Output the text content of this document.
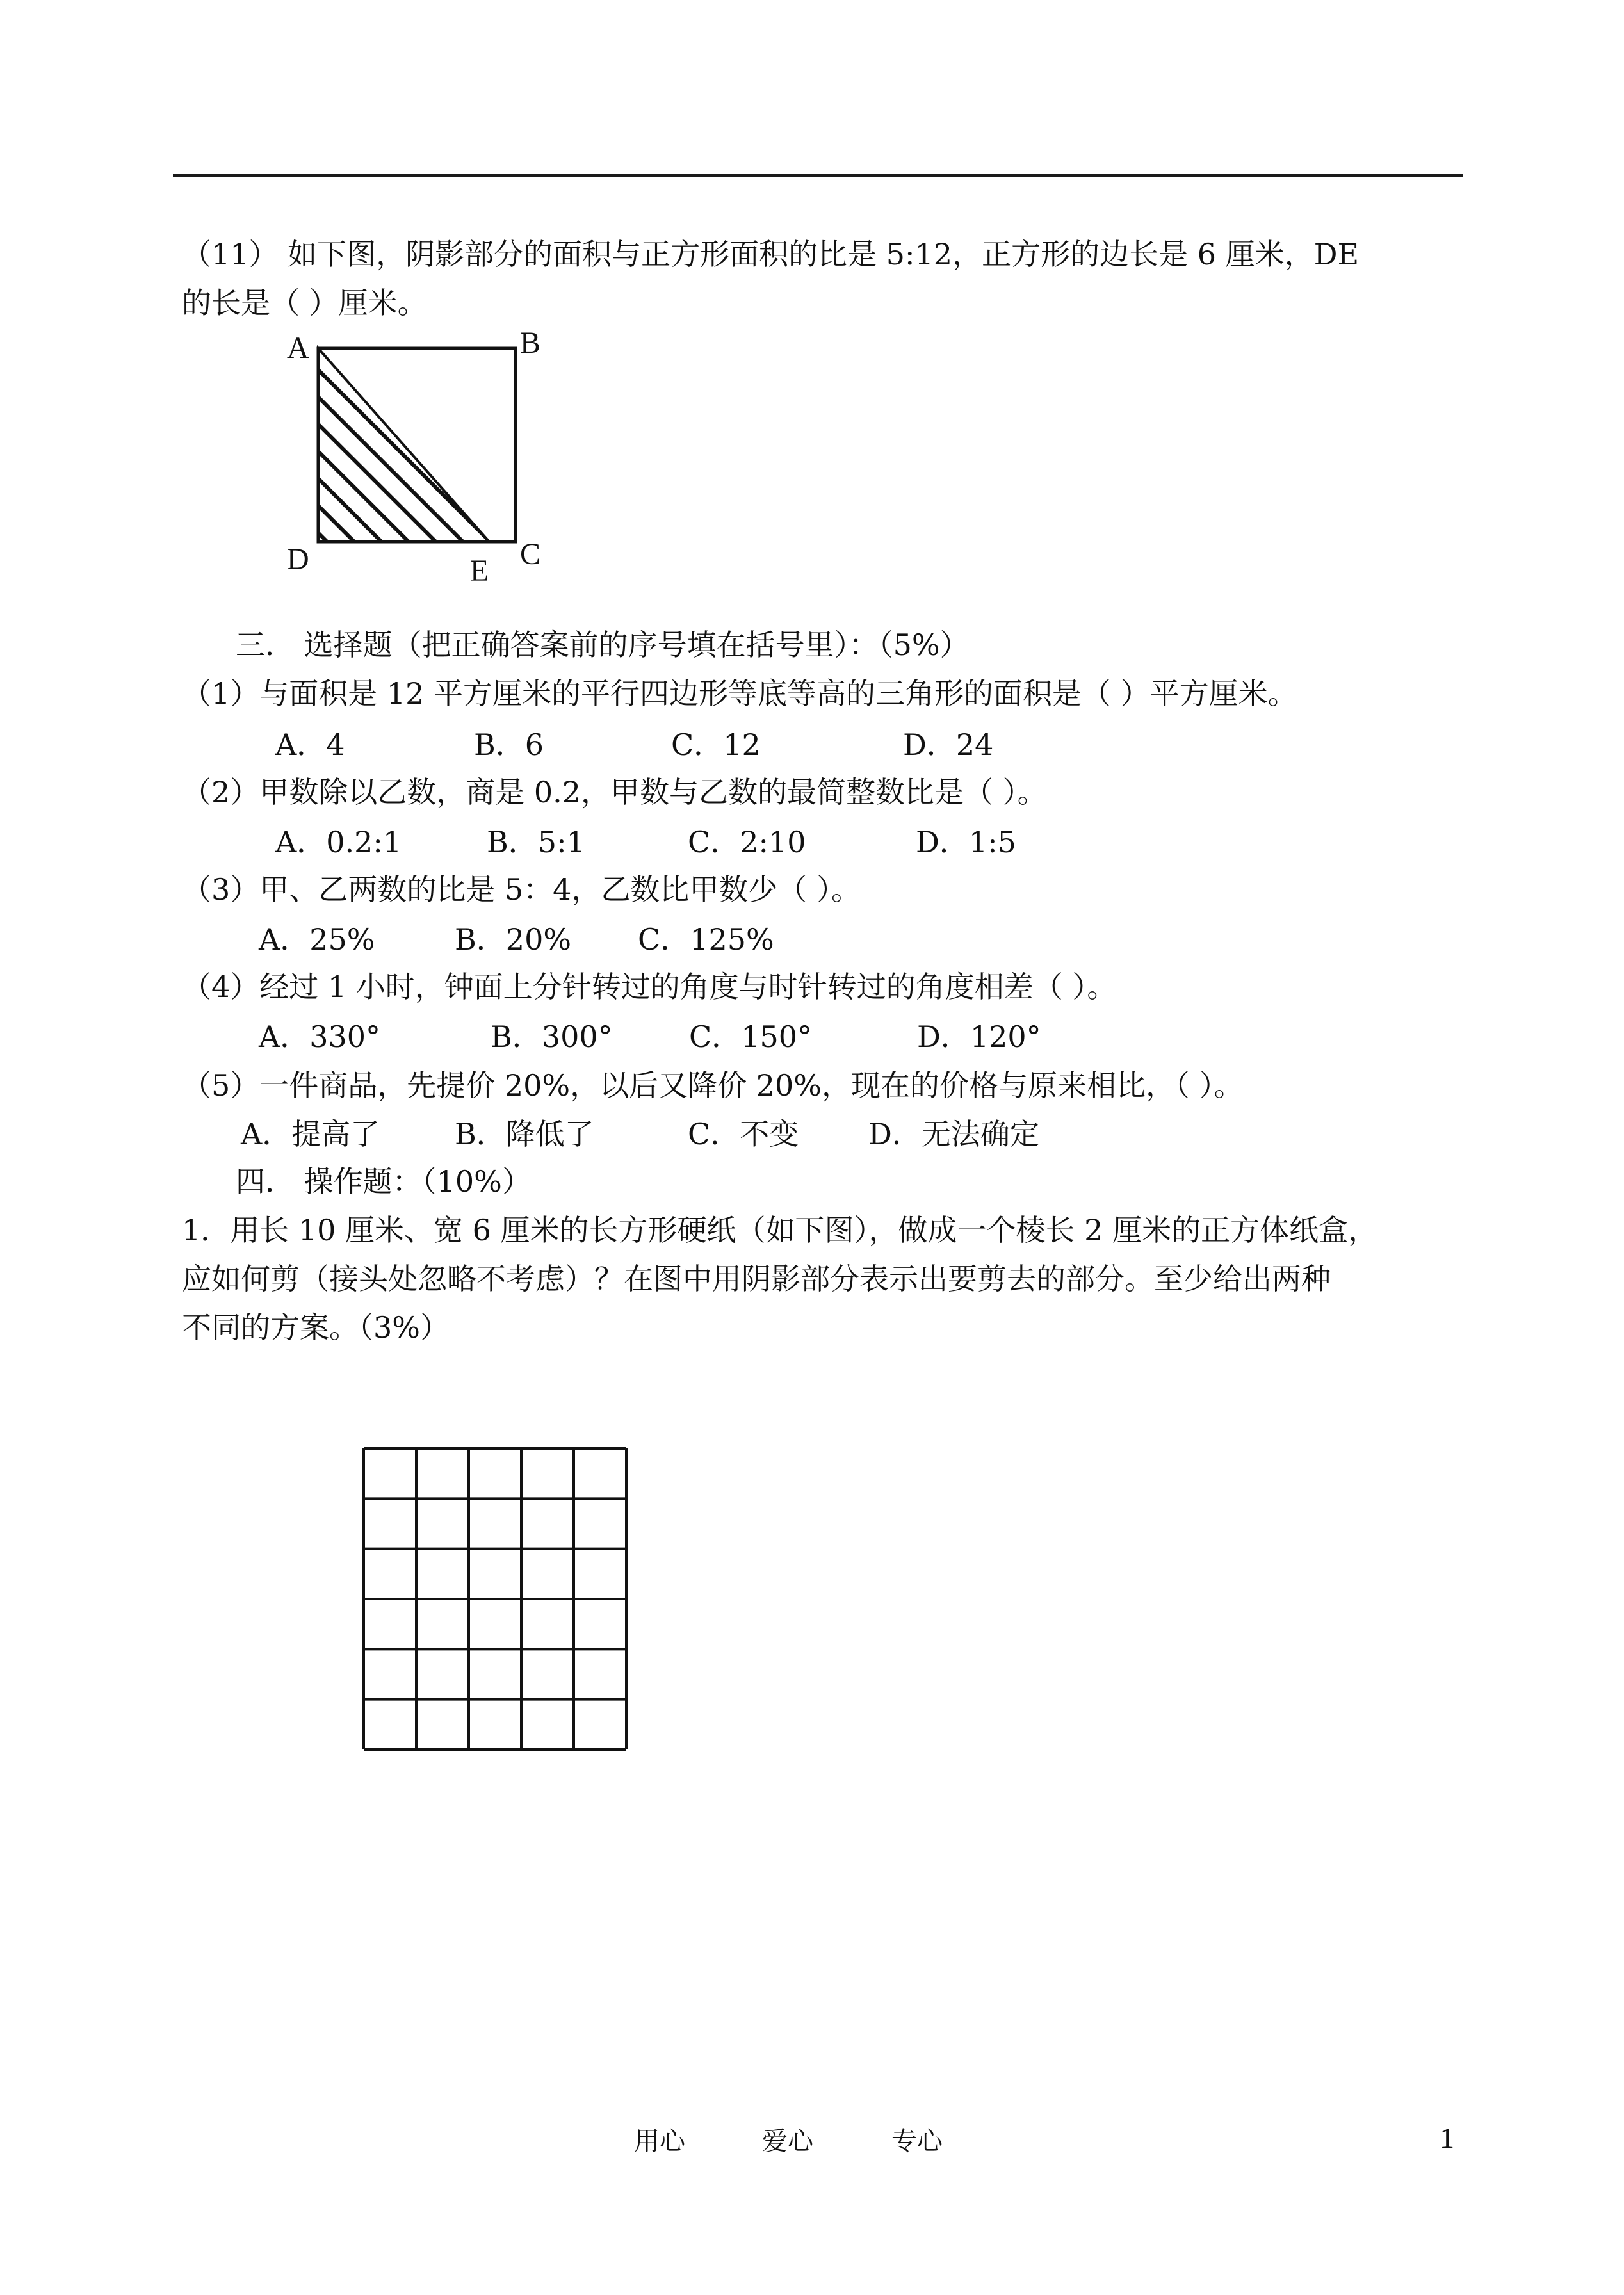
（11） 如下图，阴影部分的面积与正方形面积的比是 5:12，正方形的边长是 6 厘米，DE
的长是（ ）厘米。
A	B
C
D	E
三． 选择题（把正确答案前的序号填在括号里）：（5%）
（1）与面积是 12 平方厘米的平行四边形等底等高的三角形的面积是（ ）平方厘米。
A．4	B．6	C．12	D．24
（2）甲数除以乙数，商是 0.2，甲数与乙数的最简整数比是（ ）。
A．0.2:1	B．5:1	C．2:10	D．1:5
（3）甲、乙两数的比是 5：4，乙数比甲数少（ ）。
A．25%	B．20% C．125%
（4）经过 1 小时，钟面上分针转过的角度与时针转过的角度相差（ ）。
A．330°	B．300°	C．150°	D．120°
（5）一件商品，先提价 20%，以后又降价 20%，现在的价格与原来相比，（ ）。
A．提高了	B．降低了	C．不变 D．无法确定
四． 操作题：（10%）
1．用长 10 厘米、宽 6 厘米的长方形硬纸（如下图），做成一个棱长 2 厘米的正方体纸盒，
应如何剪（接头处忽略不考虑）？在图中用阴影部分表示出要剪去的部分。至少给出两种
不同的方案。（3%）
用心	爱心	专心	1
